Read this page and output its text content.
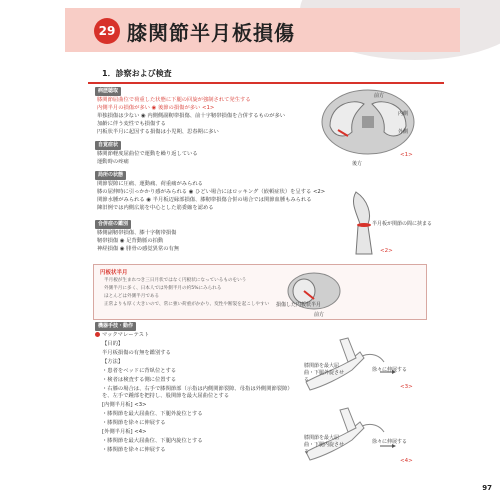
29 膝関節半月板損傷
1．診察および検査
病歴聴取
膝関節屈曲位で荷重した状態に下腿の回旋が強制されて発生する
内側半月の損傷が多い ◉ 後節の損傷が多い <1>
単独損傷は少ない ◉ 内側側副靭帯損傷、前十字靭帯損傷を合併するものが多い
加齢に伴う変性でも損傷する
円板状半月に起因する損傷は小児期、思春期に多い
自覚症状
膝関節軽度屈曲位で運動を繰り返している
運動時の疼痛
局所の状態
関節裂隙に圧痛、運動痛、荷重痛がみられる
膝の屈伸時に引っかかり感がみられる ◉ ひどい場合にはロッキング（嵌頓症状）を呈する <2>
関節水腫がみられる ◉ 半月板辺縁部損傷、膝靭帯損傷合併の場合では関節血腫もみられる
陳旧例では内側広筋を中心とした筋委縮を認める
合併症の鑑別
膝側副靭帯損傷、膝十字靭帯損傷
靭帯損傷 ◉ 足背動脈の拍動
神経損傷 ◉ 腓骨の感覚異常の有無
前方
内側
外側
後方
<1>
半月板が関節の間に挟まる
<2>
円板状半月
半月板が生まれつき三日月状ではなく円板状になっているものをいう
外側半月に多く、日本人では外側半月の約5%にみられる
ほとんどは外側半月である
正常よりも厚く大きいので、常に強い荷重がかかり、変性や断裂を起こしやすい 損傷した円板状半月
前方
機器手技・動作
マックマレーテスト
【目的】
半月板損傷の有無を鑑別する
【方法】
・患者をベッドに背臥位とする
・検者は検査する側に位置する
・右膝の場合は、右手で膝関節部（示指は内側関節裂隙、母指は外側関節裂隙）を、左手で踵部を把持し、股関節を最大屈曲位とする
[内側半月板] <3>
・膝関節を最大屈曲位、下腿外旋位とする
・膝関節を徐々に伸展する
[外側半月板] <4>
・膝関節を最大屈曲位、下腿内旋位とする
・膝関節を徐々に伸展する
膝関節を最大屈曲・下腿外旋させる
徐々に伸展する
<3>
膝関節を最大屈曲・下腿内旋させる
徐々に伸展する
<4>
97
